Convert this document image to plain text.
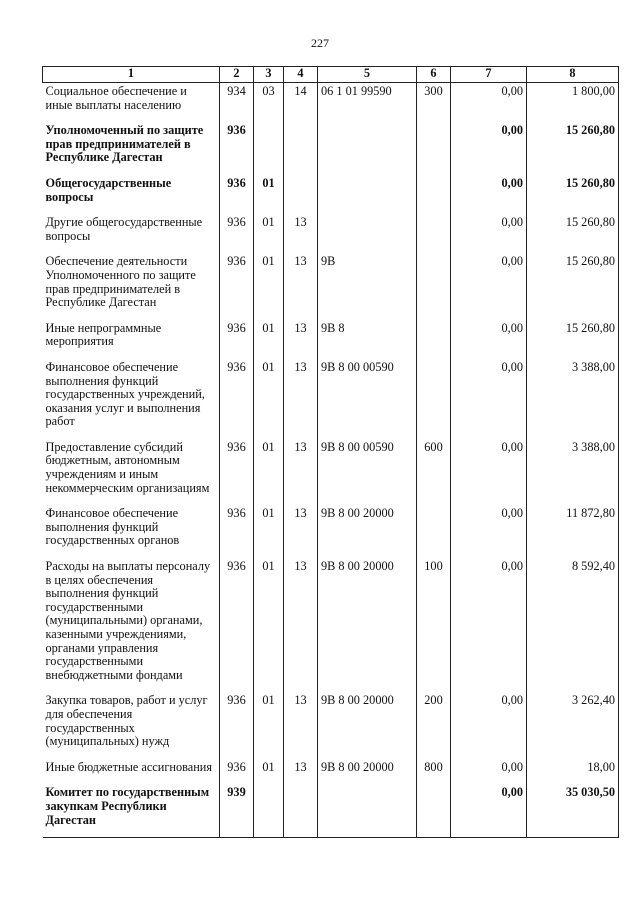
227
1	2	3	4	5	6	7	8
Социальное обеспечение и иные выплаты населению	934	03	14	06 1 01 99590	300	0,00	1 800,00
Уполномоченный по защите прав предпринимателей в Республике Дагестан	936					0,00	15 260,80
Общегосударственные вопросы	936	01				0,00	15 260,80
Другие общегосударственные вопросы	936	01	13			0,00	15 260,80
Обеспечение деятельности Уполномоченного по защите прав предпринимателей в Республике Дагестан	936	01	13	9В		0,00	15 260,80
Иные непрограммные мероприятия	936	01	13	9В 8		0,00	15 260,80
Финансовое обеспечение выполнения функций государственных учреждений, оказания услуг и выполнения работ	936	01	13	9В 8 00 00590		0,00	3 388,00
Предоставление субсидий бюджетным, автономным учреждениям и иным некоммерческим организациям	936	01	13	9В 8 00 00590	600	0,00	3 388,00
Финансовое обеспечение выполнения функций государственных органов	936	01	13	9В 8 00 20000		0,00	11 872,80
Расходы на выплаты персоналу в целях обеспечения выполнения функций государственными (муниципальными) органами, казенными учреждениями, органами управления государственными внебюджетными фондами	936	01	13	9В 8 00 20000	100	0,00	8 592,40
Закупка товаров, работ и услуг для обеспечения государственных (муниципальных) нужд	936	01	13	9В 8 00 20000	200	0,00	3 262,40
Иные бюджетные ассигнования	936	01	13	9В 8 00 20000	800	0,00	18,00
Комитет по государственным закупкам Республики Дагестан	939					0,00	35 030,50
